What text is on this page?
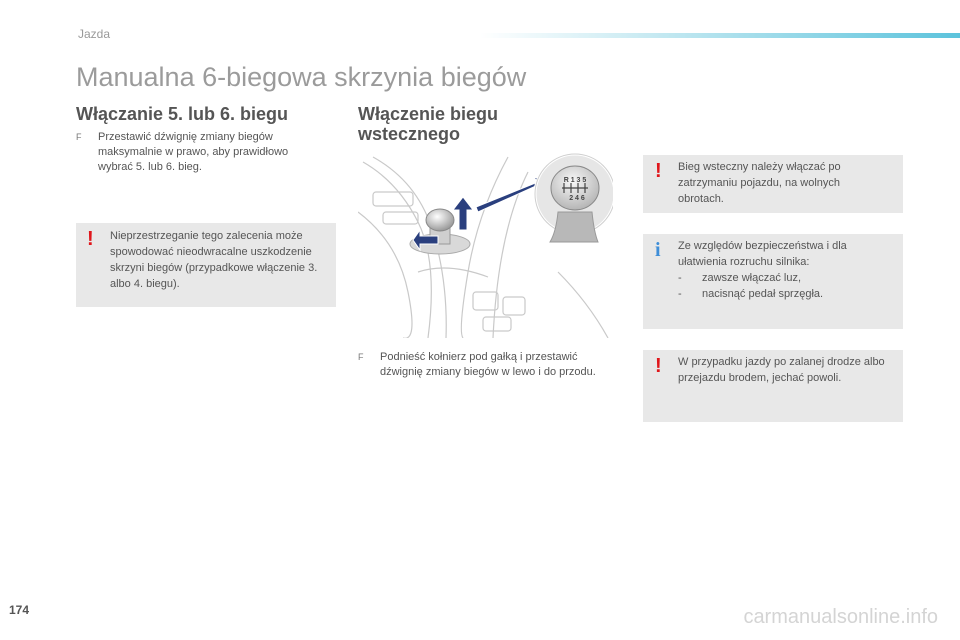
Jazda
Manualna 6-biegowa skrzynia biegów
Włączanie 5. lub 6. biegu	Włączenie biegu wstecznego
F	Przestawić dźwignię zmiany biegów maksymalnie w prawo, aby prawidłowo wybrać 5. lub 6. bieg.
! Nieprzestrzeganie tego zalecenia może spowodować nieodwracalne uszkodzenie skrzyni biegów (przypadkowe włączenie 3. albo 4. biegu).
R 1 3 5
2 4 6
F	Podnieść kołnierz pod gałką i przestawić dźwignię zmiany biegów w lewo i do przodu.
! Bieg wsteczny należy włączać po zatrzymaniu pojazdu, na wolnych obrotach.
i Ze względów bezpieczeństwa i dla ułatwienia rozruchu silnika:
- zawsze włączać luz,
- nacisnąć pedał sprzęgła.
! W przypadku jazdy po zalanej drodze albo przejazdu brodem, jechać powoli.
174	carmanualsonline.info
